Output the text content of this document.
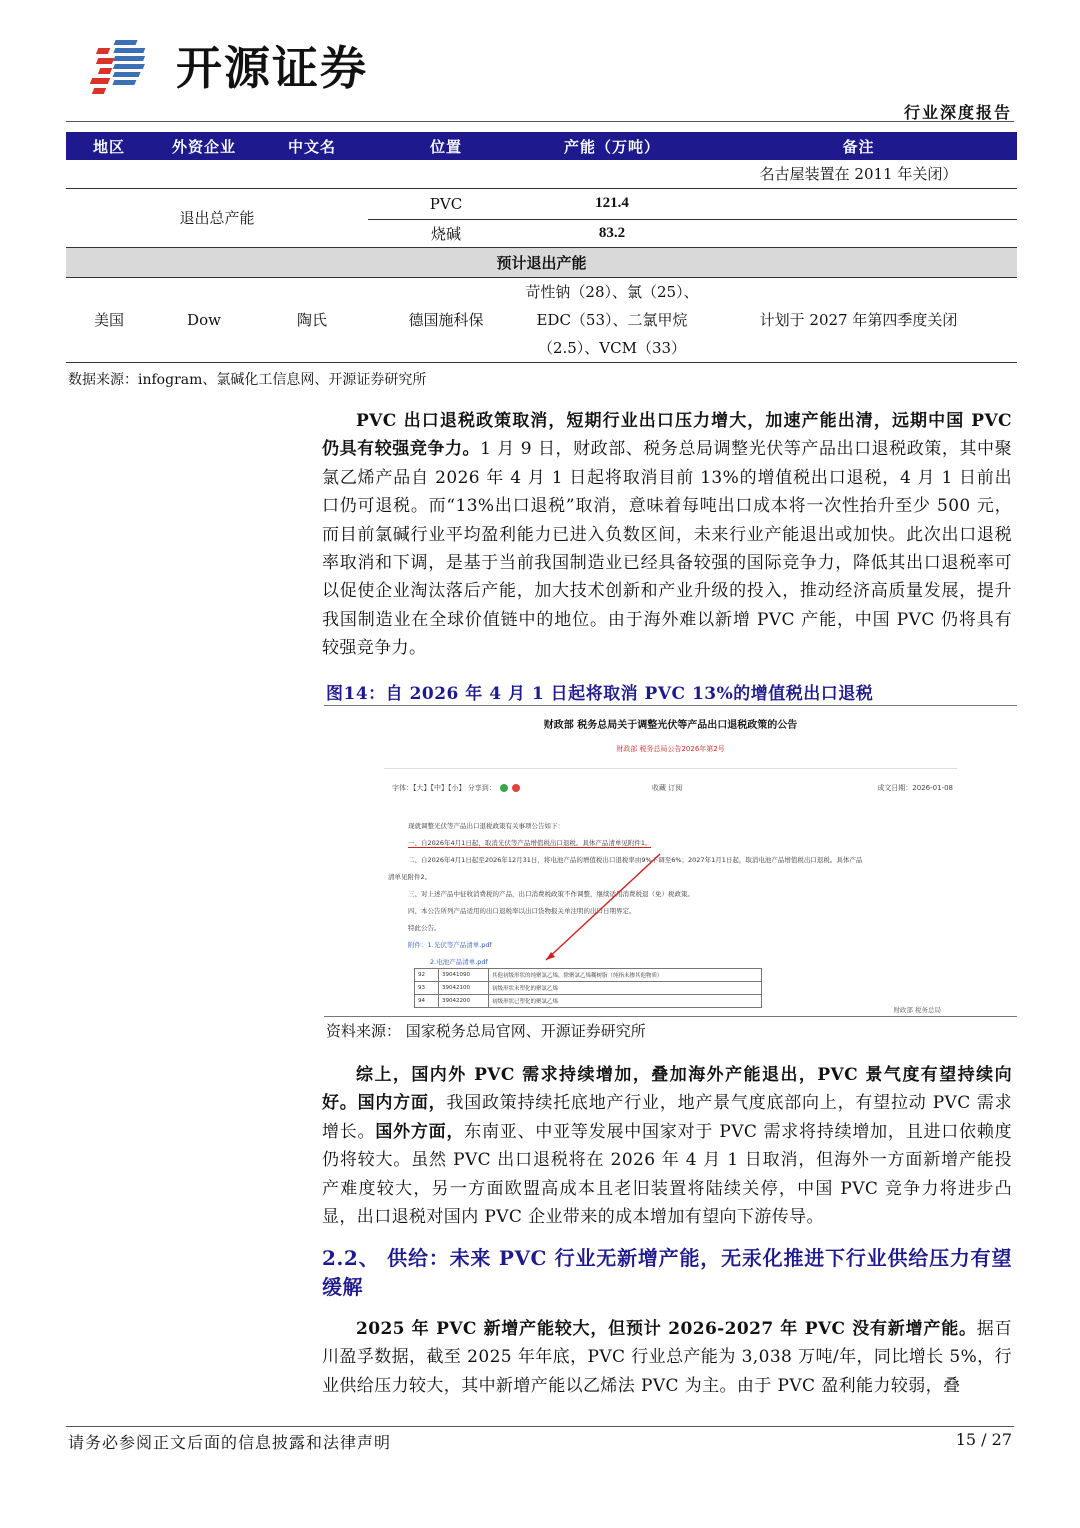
开源证券
行业深度报告
地区	外资企业	中文名	位置	产能（万吨）	备注
					名古屋装置在 2011 年关闭）
退出总产能			PVC	121.4	
			烧碱	83.2	
预计退出产能					
美国	Dow	陶氏	德国施科保	苛性钠（28）、氯（25）、
EDC（53）、二氯甲烷
（2.5）、VCM（33）	计划于 2027 年第四季度关闭
数据来源：infogram、氯碱化工信息网、开源证券研究所
PVC 出口退税政策取消，短期行业出口压力增大，加速产能出清，远期中国 PVC 仍具有较强竞争力。1 月 9 日，财政部、税务总局调整光伏等产品出口退税政策，其中聚氯乙烯产品自 2026 年 4 月 1 日起将取消目前 13%的增值税出口退税，4 月 1 日前出口仍可退税。而“13%出口退税”取消，意味着每吨出口成本将一次性抬升至少 500 元，而目前氯碱行业平均盈利能力已进入负数区间，未来行业产能退出或加快。此次出口退税率取消和下调，是基于当前我国制造业已经具备较强的国际竞争力，降低其出口退税率可以促使企业淘汰落后产能，加大技术创新和产业升级的投入，推动经济高质量发展，提升我国制造业在全球价值链中的地位。由于海外难以新增 PVC 产能，中国 PVC 仍将具有较强竞争力。
图14：自 2026 年 4 月 1 日起将取消 PVC 13%的增值税出口退税
财政部 税务总局关于调整光伏等产品出口退税政策的公告
财政部 税务总局公告2026年第2号
字体：【大】【中】【小】 分享到：	收藏 订阅	成文日期：2026-01-08
现就调整光伏等产品出口退税政策有关事项公告如下：
一、自2026年4月1日起，取消光伏等产品增值税出口退税。具体产品清单见附件1。
二、自2026年4月1日起至2026年12月31日，将电池产品的增值税出口退税率由9%下调至6%；2027年1月1日起，取消电池产品增值税出口退税。具体产品
清单见附件2。
三、对上述产品中征收消费税的产品，出口消费税政策不作调整，继续适用消费税退（免）税政策。
四、本公告所列产品适用的出口退税率以出口货物报关单注明的出口日期界定。
特此公告。
附件：1.光伏等产品清单.pdf
2.电池产品清单.pdf
92	39041090	其他初级形状的纯聚氯乙烯，除聚氯乙烯糊树脂（纯指未掺其他物质）
93	39042100	初级形状未塑化的聚氯乙烯
94	39042200	初级形状已塑化的聚氯乙烯
财政部 税务总局
资料来源： 国家税务总局官网、开源证券研究所
综上，国内外 PVC 需求持续增加，叠加海外产能退出，PVC 景气度有望持续向好。国内方面，我国政策持续托底地产行业，地产景气度底部向上，有望拉动 PVC 需求增长。国外方面，东南亚、中亚等发展中国家对于 PVC 需求将持续增加，且进口依赖度仍将较大。虽然 PVC 出口退税将在 2026 年 4 月 1 日取消，但海外一方面新增产能投产难度较大，另一方面欧盟高成本且老旧装置将陆续关停，中国 PVC 竞争力将进步凸显，出口退税对国内 PVC 企业带来的成本增加有望向下游传导。
2.2、 供给：未来 PVC 行业无新增产能，无汞化推进下行业供给压力有望缓解
2025 年 PVC 新增产能较大，但预计 2026-2027 年 PVC 没有新增产能。据百川盈孚数据，截至 2025 年年底，PVC 行业总产能为 3,038 万吨/年，同比增长 5%，行业供给压力较大，其中新增产能以乙烯法 PVC 为主。由于 PVC 盈利能力较弱，叠
请务必参阅正文后面的信息披露和法律声明	15 / 27
